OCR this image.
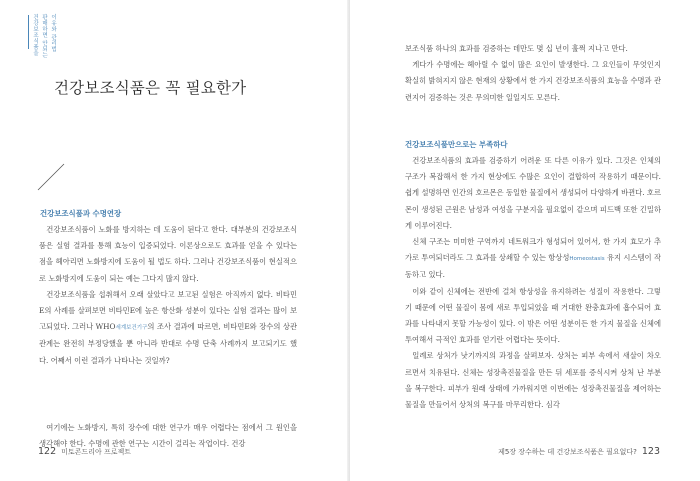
건강보조식품을 판매하면 안되는 이유와 관리법
건강보조식품은 꼭 필요한가
건강보조식품과 수명연장

 건강보조식품이 노화를 방지하는 데 도움이 된다고 한다. 대부분의 건강보조식품은 실험 결과를 통해 효능이 입증되었다. 이론상으로도 효과를 얻을 수 있다는 점을 헤아리면 노화방지에 도움이 될 법도 하다. 그러나 건강보조식품이 현실적으로 노화방지에 도움이 되는 예는 그다지 많지 않다.

 건강보조식품을 섭취해서 오래 살았다고 보고된 실험은 아직까지 없다. 비타민E의 사례를 살펴보면 비타민E에 높은 항산화 성분이 있다는 실험 결과는 많이 보고되었다. 그러나 WHO세계보건기구의 조사 결과에 따르면, 비타민E와 장수의 상관관계는 완전히 부정당했을 뿐 아니라 반대로 수명 단축 사례까지 보고되기도 했다. 어째서 이런 결과가 나타나는 것일까?

 여기에는 노화방지, 특히 장수에 대한 연구가 매우 어렵다는 점에서 그 원인을 생각해야 한다. 수명에 관한 연구는 시간이 걸리는 작업이다. 건강

122 미토콘드리아 프로젝트

보조식품 하나의 효과를 검증하는 데만도 몇 십 년이 훌쩍 지나고 만다.

 게다가 수명에는 헤아릴 수 없이 많은 요인이 발생한다. 그 요인들이 무엇인지 확실히 밝혀지지 않은 현재의 상황에서 한 가지 건강보조식품의 효능을 수명과 관련지어 검증하는 것은 무의미한 일일지도 모른다.

건강보조식품만으로는 부족하다

 건강보조식품의 효과를 검증하기 어려운 또 다른 이유가 있다. 그것은 인체의 구조가 복잡해서 한 가지 현상에도 수많은 요인이 결합하여 작용하기 때문이다. 쉽게 설명하면 인간의 호르몬은 동일한 물질에서 생성되어 다양하게 바뀐다. 호르몬이 생성된 근원은 남성과 여성을 구분지을 필요없이 같으며 피드백 또한 긴밀하게 이루어진다.

 신체 구조는 미미한 구역까지 네트워크가 형성되어 있어서, 한 가지 효모가 추가로 투여되더라도 그 효과를 상쇄할 수 있는 항상성Homeostasis 유지 시스템이 작동하고 있다.

 이와 같이 신체에는 전반에 걸쳐 항상성을 유지하려는 성질이 작용한다. 그렇기 때문에 어떤 물질이 몸에 새로 투입되었을 때 거대한 완충효과에 흡수되어 효과를 나타내지 못할 가능성이 있다. 이 밖은 어떤 성분이든 한 가지 물질을 신체에 투여해서 극적인 효과를 얻기란 어렵다는 뜻이다.

 일례로 상처가 낫기까지의 과정을 살펴보자. 상처는 피부 속에서 새살이 차오르면서 치유된다. 신체는 성장촉진물질을 만든 뒤 세포를 증식시켜 상처 난 부분을 복구한다. 피부가 원래 상태에 가까워지면 이번에는 성장촉진물질을 제어하는 물질을 만들어서 상처의 복구를 마무리한다. 심각

제5장 장수하는 데 건강보조식품은 필요없다? 123
